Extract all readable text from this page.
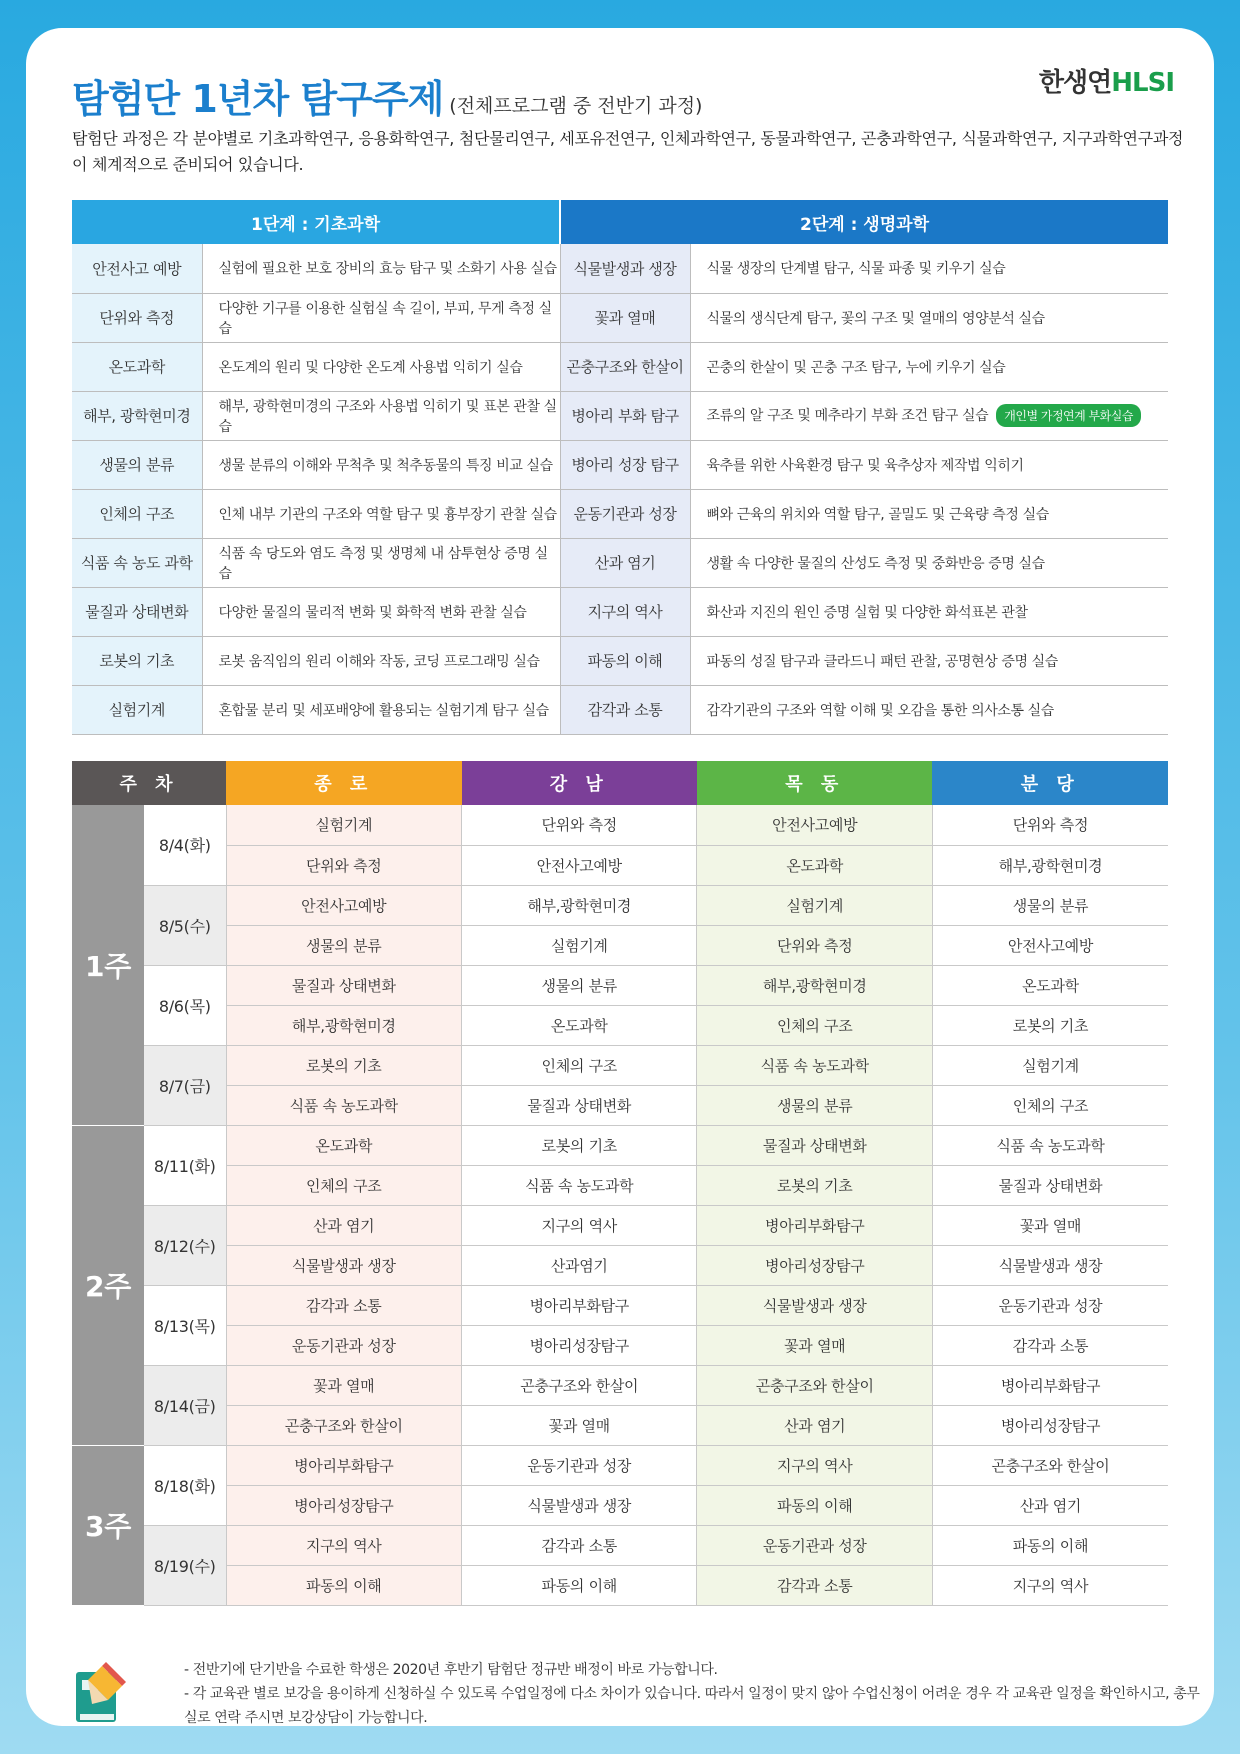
탐험단 1년차 탐구주제 (전체프로그램 중 전반기 과정)
한생연HLSI
탐험단 과정은 각 분야별로 기초과학연구, 응용화학연구, 첨단물리연구, 세포유전연구, 인체과학연구, 동물과학연구, 곤충과학연구, 식물과학연구, 지구과학연구과정이 체계적으로 준비되어 있습니다.
1단계 : 기초과학		2단계 : 생명과학	
안전사고 예방	실험에 필요한 보호 장비의 효능 탐구 및 소화기 사용 실습	식물발생과 생장	식물 생장의 단계별 탐구, 식물 파종 및 키우기 실습
단위와 측정	다양한 기구를 이용한 실험실 속 길이, 부피, 무게 측정 실습	꽃과 열매	식물의 생식단계 탐구, 꽃의 구조 및 열매의 영양분석 실습
온도과학	온도계의 원리 및 다양한 온도계 사용법 익히기 실습	곤충구조와 한살이	곤충의 한살이 및 곤충 구조 탐구, 누에 키우기 실습
해부, 광학현미경	해부, 광학현미경의 구조와 사용법 익히기 및 표본 관찰 실습	병아리 부화 탐구	조류의 알 구조 및 메추라기 부화 조건 탐구 실습 개인별 가정연계 부화실습
생물의 분류	생물 분류의 이해와 무척추 및 척추동물의 특징 비교 실습	병아리 성장 탐구	육추를 위한 사육환경 탐구 및 육추상자 제작법 익히기
인체의 구조	인체 내부 기관의 구조와 역할 탐구 및 흉부장기 관찰 실습	운동기관과 성장	뼈와 근육의 위치와 역할 탐구, 골밀도 및 근육량 측정 실습
식품 속 농도 과학	식품 속 당도와 염도 측정 및 생명체 내 삼투현상 증명 실습	산과 염기	생활 속 다양한 물질의 산성도 측정 및 중화반응 증명 실습
물질과 상태변화	다양한 물질의 물리적 변화 및 화학적 변화 관찰 실습	지구의 역사	화산과 지진의 원인 증명 실험 및 다양한 화석표본 관찰
로봇의 기초	로봇 움직임의 원리 이해와 작동, 코딩 프로그래밍 실습	파동의 이해	파동의 성질 탐구과 클라드니 패턴 관찰, 공명현상 증명 실습
실험기계	혼합물 분리 및 세포배양에 활용되는 실험기계 탐구 실습	감각과 소통	감각기관의 구조와 역할 이해 및 오감을 통한 의사소통 실습
주 차		종 로	강 남	목 동	분 당
1주	8/4(화)	실험기계	단위와 측정	안전사고예방	단위와 측정
		단위와 측정	안전사고예방	온도과학	해부,광학현미경
	8/5(수)	안전사고예방	해부,광학현미경	실험기계	생물의 분류
		생물의 분류	실험기계	단위와 측정	안전사고예방
	8/6(목)	물질과 상태변화	생물의 분류	해부,광학현미경	온도과학
		해부,광학현미경	온도과학	인체의 구조	로봇의 기초
	8/7(금)	로봇의 기초	인체의 구조	식품 속 농도과학	실험기계
		식품 속 농도과학	물질과 상태변화	생물의 분류	인체의 구조
2주	8/11(화)	온도과학	로봇의 기초	물질과 상태변화	식품 속 농도과학
		인체의 구조	식품 속 농도과학	로봇의 기초	물질과 상태변화
	8/12(수)	산과 염기	지구의 역사	병아리부화탐구	꽃과 열매
		식물발생과 생장	산과염기	병아리성장탐구	식물발생과 생장
	8/13(목)	감각과 소통	병아리부화탐구	식물발생과 생장	운동기관과 성장
		운동기관과 성장	병아리성장탐구	꽃과 열매	감각과 소통
	8/14(금)	꽃과 열매	곤충구조와 한살이	곤충구조와 한살이	병아리부화탐구
		곤충구조와 한살이	꽃과 열매	산과 염기	병아리성장탐구
3주	8/18(화)	병아리부화탐구	운동기관과 성장	지구의 역사	곤충구조와 한살이
		병아리성장탐구	식물발생과 생장	파동의 이해	산과 염기
	8/19(수)	지구의 역사	감각과 소통	운동기관과 성장	파동의 이해
		파동의 이해	파동의 이해	감각과 소통	지구의 역사
- 전반기에 단기반을 수료한 학생은 2020년 후반기 탐험단 정규반 배정이 바로 가능합니다.
- 각 교육관 별로 보강을 용이하게 신청하실 수 있도록 수업일정에 다소 차이가 있습니다. 따라서 일정이 맞지 않아 수업신청이 어려운 경우 각 교육관 일정을 확인하시고, 총무실로 연락 주시면 보강상담이 가능합니다.
